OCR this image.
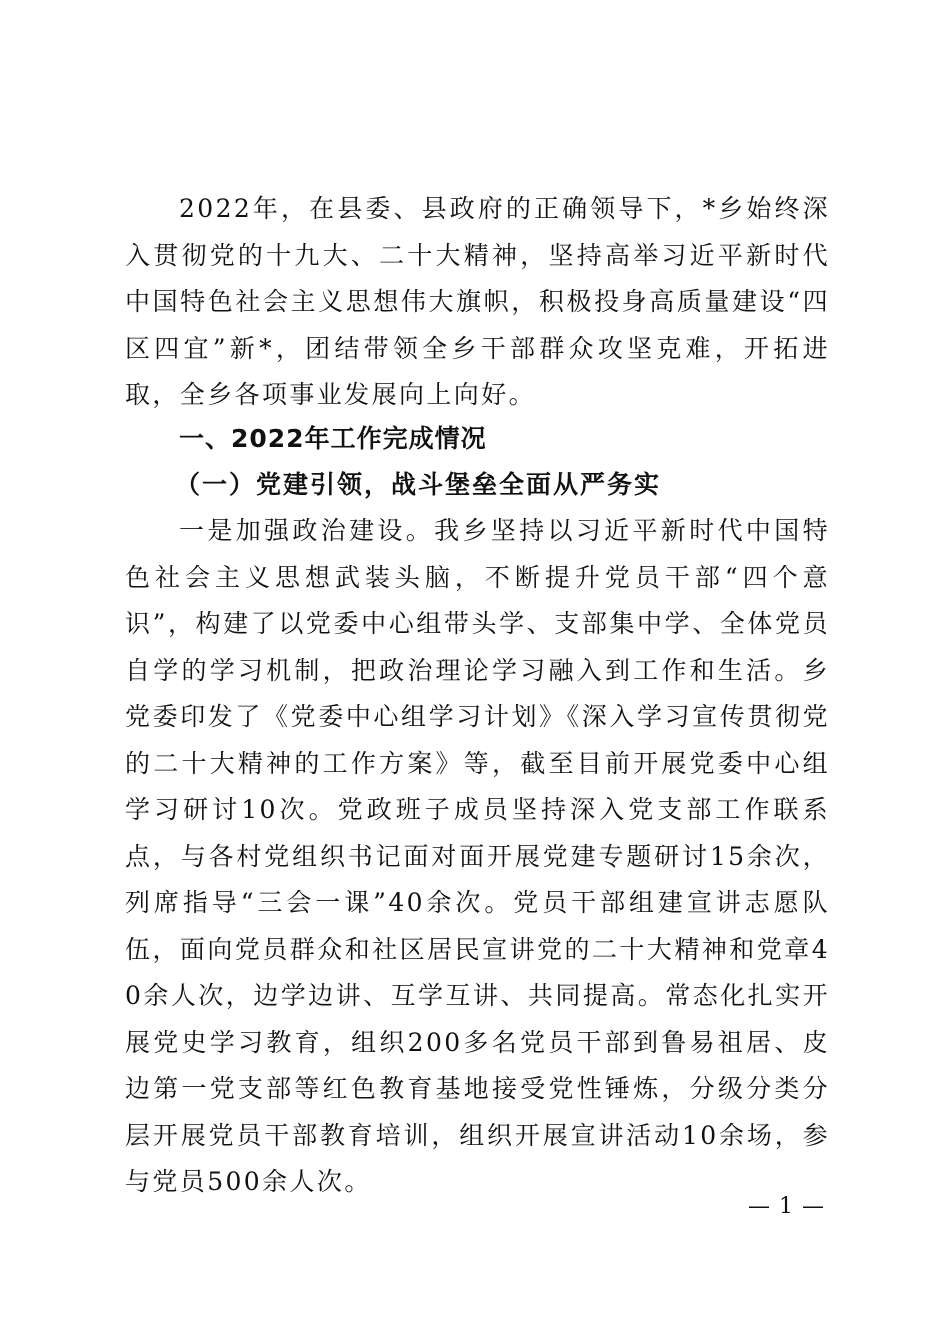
2022年，在县委、县政府的正确领导下，*乡始终深入贯彻党的十九大、二十大精神，坚持高举习近平新时代中国特色社会主义思想伟大旗帜，积极投身高质量建设“四区四宜”新*，团结带领全乡干部群众攻坚克难，开拓进取，全乡各项事业发展向上向好。

一、2022年工作完成情况
（一）党建引领，战斗堡垒全面从严务实

一是加强政治建设。我乡坚持以习近平新时代中国特色社会主义思想武装头脑，不断提升党员干部“四个意识”，构建了以党委中心组带头学、支部集中学、全体党员自学的学习机制，把政治理论学习融入到工作和生活。乡党委印发了《党委中心组学习计划》《深入学习宣传贯彻党的二十大精神的工作方案》等，截至目前开展党委中心组学习研讨10次。党政班子成员坚持深入党支部工作联系点，与各村党组织书记面对面开展党建专题研讨15余次，列席指导“三会一课”40余次。党员干部组建宣讲志愿队伍，面向党员群众和社区居民宣讲党的二十大精神和党章40余人次，边学边讲、互学互讲、共同提高。常态化扎实开展党史学习教育，组织200多名党员干部到鲁易祖居、皮边第一党支部等红色教育基地接受党性锤炼，分级分类分层开展党员干部教育培训，组织开展宣讲活动10余场，参与党员500余人次。

— 1 —
